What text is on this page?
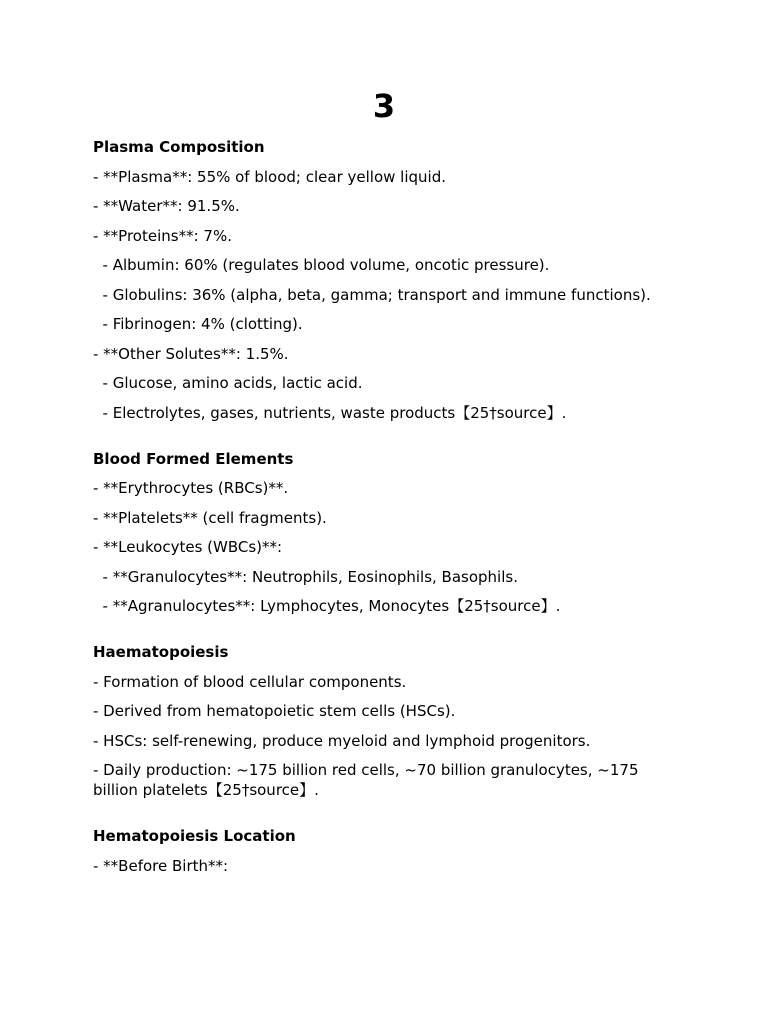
3
Plasma Composition
- **Plasma**: 55% of blood; clear yellow liquid.
- **Water**: 91.5%.
- **Proteins**: 7%.
- Albumin: 60% (regulates blood volume, oncotic pressure).
- Globulins: 36% (alpha, beta, gamma; transport and immune functions).
- Fibrinogen: 4% (clotting).
- **Other Solutes**: 1.5%.
- Glucose, amino acids, lactic acid.
- Electrolytes, gases, nutrients, waste products【25†source】.
Blood Formed Elements
- **Erythrocytes (RBCs)**.
- **Platelets** (cell fragments).
- **Leukocytes (WBCs)**:
- **Granulocytes**: Neutrophils, Eosinophils, Basophils.
- **Agranulocytes**: Lymphocytes, Monocytes【25†source】.
Haematopoiesis
- Formation of blood cellular components.
- Derived from hematopoietic stem cells (HSCs).
- HSCs: self-renewing, produce myeloid and lymphoid progenitors.
- Daily production: ~175 billion red cells, ~70 billion granulocytes, ~175 billion platelets【25†source】.
Hematopoiesis Location
- **Before Birth**:
